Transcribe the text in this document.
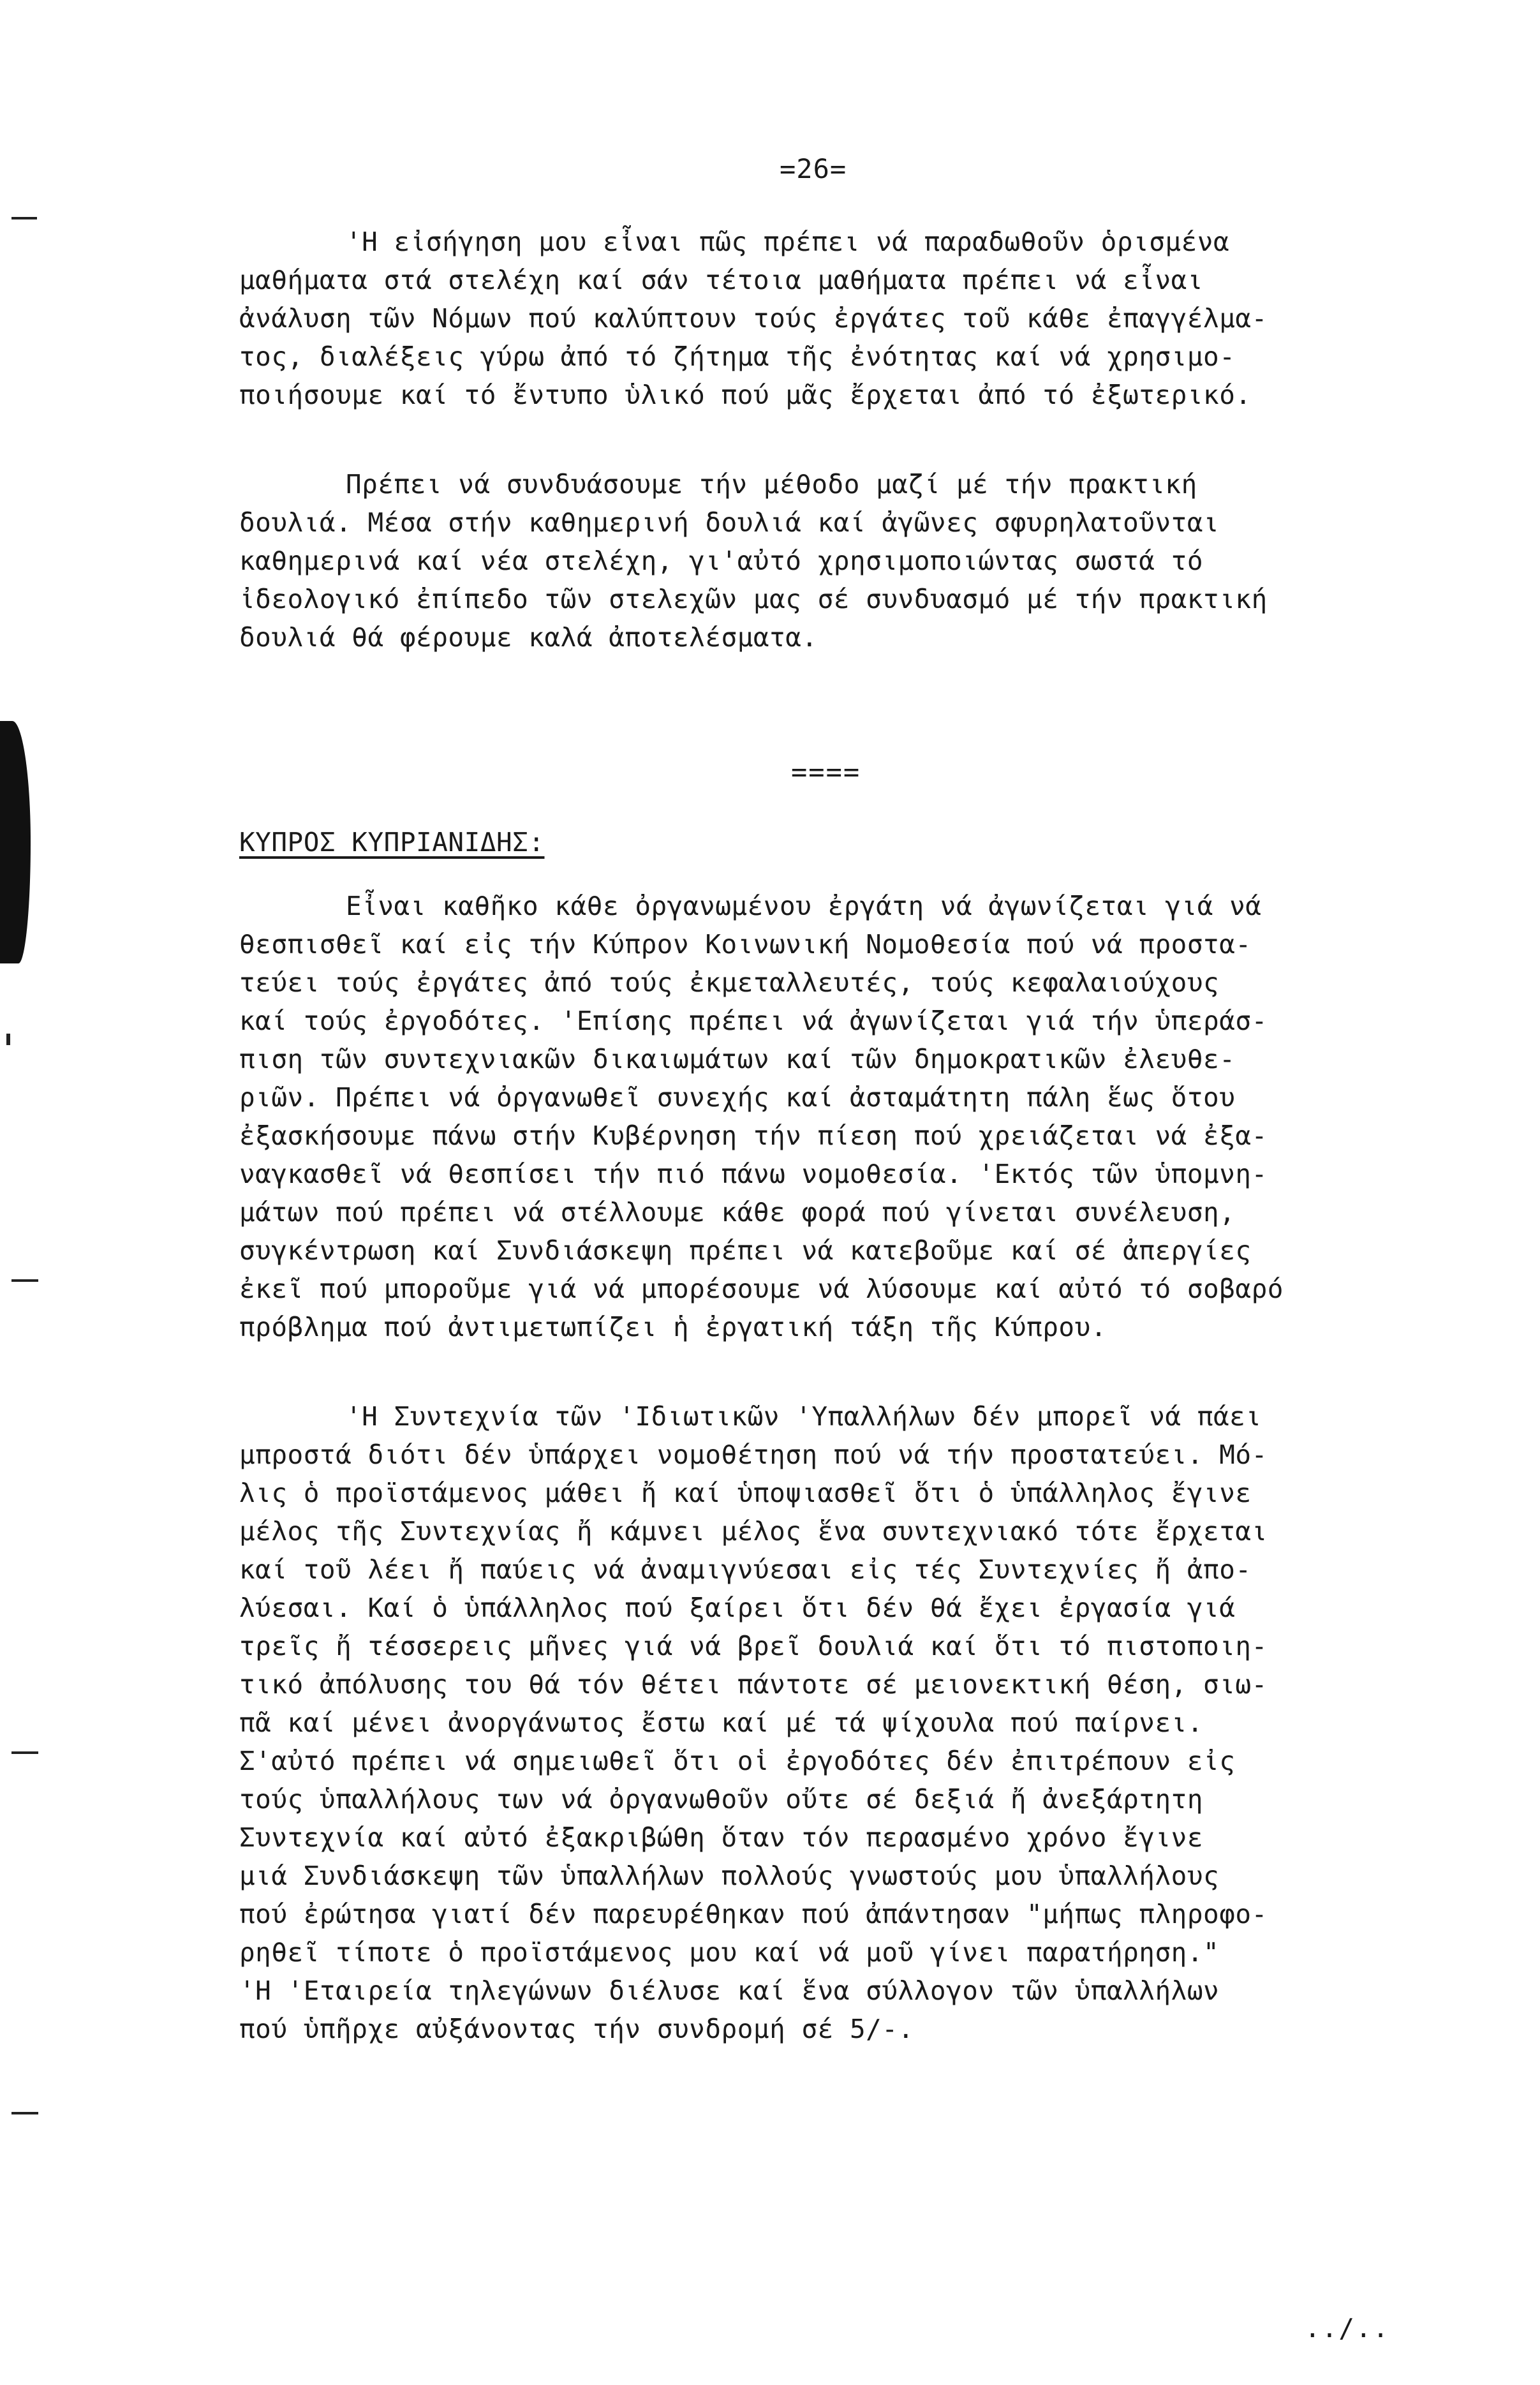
=26=
'Η εἰσήγηση μου εἶναι πῶς πρέπει νά παραδωθοῦν ὁρισμένα
μαθήματα στά στελέχη καί σάν τέτοια μαθήματα πρέπει νά εἶναι
ἀνάλυση τῶν Νόμων πού καλύπτουν τούς ἐργάτες τοῦ κάθε ἐπαγγέλμα-
τος, διαλέξεις γύρω ἀπό τό ζήτημα τῆς ἐνότητας καί νά χρησιμο-
ποιήσουμε καί τό ἔντυπο ὑλικό πού μᾶς ἔρχεται ἀπό τό ἐξωτερικό.
Πρέπει νά συνδυάσουμε τήν μέθοδο μαζί μέ τήν πρακτική
δουλιά. Μέσα στήν καθημερινή δουλιά καί ἀγῶνες σφυρηλατοῦνται
καθημερινά καί νέα στελέχη, γι'αὐτό χρησιμοποιώντας σωστά τό
ἰδεολογικό ἐπίπεδο τῶν στελεχῶν μας σέ συνδυασμό μέ τήν πρακτική
δουλιά θά φέρουμε καλά ἀποτελέσματα.
====
ΚΥΠΡΟΣ ΚΥΠΡΙΑΝΙΔΗΣ:
Εἶναι καθῆκο κάθε ὀργανωμένου ἐργάτη νά ἀγωνίζεται γιά νά
θεσπισθεῖ καί εἰς τήν Κύπρον Κοινωνική Νομοθεσία πού νά προστα-
τεύει τούς ἐργάτες ἀπό τούς ἐκμεταλλευτές, τούς κεφαλαιούχους
καί τούς ἐργοδότες. 'Επίσης πρέπει νά ἀγωνίζεται γιά τήν ὑπεράσ-
πιση τῶν συντεχνιακῶν δικαιωμάτων καί τῶν δημοκρατικῶν ἐλευθε-
ριῶν. Πρέπει νά ὀργανωθεῖ συνεχής καί ἀσταμάτητη πάλη ἕως ὅτου
ἐξασκήσουμε πάνω στήν Κυβέρνηση τήν πίεση πού χρειάζεται νά ἐξα-
ναγκασθεῖ νά θεσπίσει τήν πιό πάνω νομοθεσία. 'Εκτός τῶν ὑπομνη-
μάτων πού πρέπει νά στέλλουμε κάθε φορά πού γίνεται συνέλευση,
συγκέντρωση καί Συνδιάσκεψη πρέπει νά κατεβοῦμε καί σέ ἀπεργίες
ἐκεῖ πού μποροῦμε γιά νά μπορέσουμε νά λύσουμε καί αὐτό τό σοβαρό
πρόβλημα πού ἀντιμετωπίζει ἡ ἐργατική τάξη τῆς Κύπρου.
'Η Συντεχνία τῶν 'Ιδιωτικῶν 'Υπαλλήλων δέν μπορεῖ νά πάει
μπροστά διότι δέν ὑπάρχει νομοθέτηση πού νά τήν προστατεύει. Μό-
λις ὁ προϊστάμενος μάθει ἤ καί ὑποψιασθεῖ ὅτι ὁ ὑπάλληλος ἔγινε
μέλος τῆς Συντεχνίας ἤ κάμνει μέλος ἕνα συντεχνιακό τότε ἔρχεται
καί τοῦ λέει ἤ παύεις νά ἀναμιγνύεσαι εἰς τές Συντεχνίες ἤ ἀπο-
λύεσαι. Καί ὁ ὑπάλληλος πού ξαίρει ὅτι δέν θά ἔχει ἐργασία γιά
τρεῖς ἤ τέσσερεις μῆνες γιά νά βρεῖ δουλιά καί ὅτι τό πιστοποιη-
τικό ἀπόλυσης του θά τόν θέτει πάντοτε σέ μειονεκτική θέση, σιω-
πᾶ καί μένει ἀνοργάνωτος ἔστω καί μέ τά ψίχουλα πού παίρνει.
Σ'αὐτό πρέπει νά σημειωθεῖ ὅτι οἱ ἐργοδότες δέν ἐπιτρέπουν εἰς
τούς ὑπαλλήλους των νά ὀργανωθοῦν οὔτε σέ δεξιά ἤ ἀνεξάρτητη
Συντεχνία καί αὐτό ἐξακριβώθη ὅταν τόν περασμένο χρόνο ἔγινε
μιά Συνδιάσκεψη τῶν ὑπαλλήλων πολλούς γνωστούς μου ὑπαλλήλους
πού ἐρώτησα γιατί δέν παρευρέθηκαν πού ἀπάντησαν "μήπως πληροφο-
ρηθεῖ τίποτε ὁ προϊστάμενος μου καί νά μοῦ γίνει παρατήρηση."
'Η 'Εταιρεία τηλεγώνων διέλυσε καί ἕνα σύλλογον τῶν ὑπαλλήλων
πού ὑπῆρχε αὐξάνοντας τήν συνδρομή σέ 5/-.
../..
